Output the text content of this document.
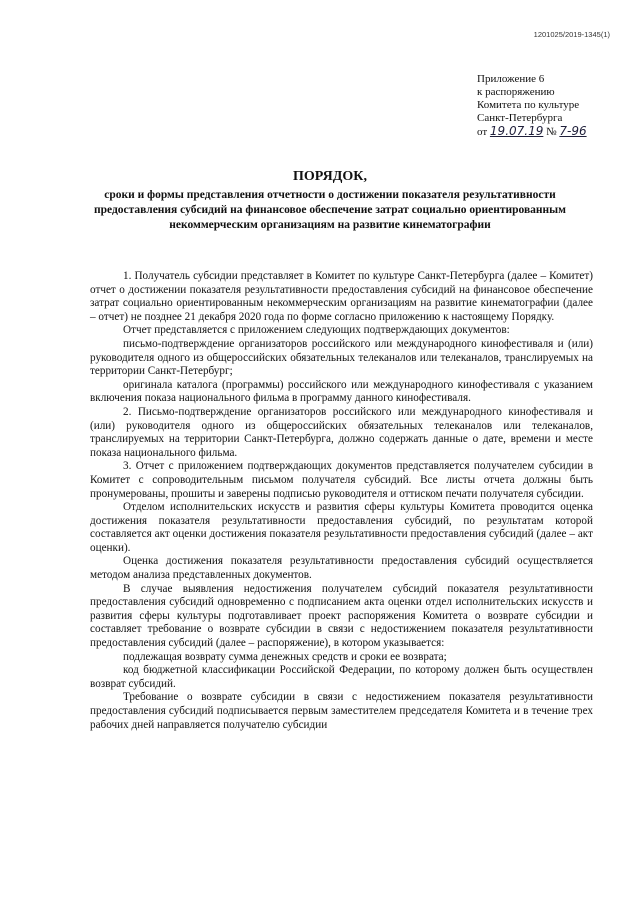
1201025/2019-1345(1)
Приложение 6
к распоряжению
Комитета по культуре
Санкт-Петербурга
от 19.07.19 № 7-96
ПОРЯДОК,
сроки и формы представления отчетности о достижении показателя результативности предоставления субсидий на финансовое обеспечение затрат социально ориентированным некоммерческим организациям на развитие кинематографии

1. Получатель субсидии представляет в Комитет по культуре Санкт-Петербурга (далее – Комитет) отчет о достижении показателя результативности предоставления субсидий на финансовое обеспечение затрат социально ориентированным некоммерческим организациям на развитие кинематографии (далее – отчет) не позднее 21 декабря 2020 года по форме согласно приложению к настоящему Порядку.

Отчет представляется с приложением следующих подтверждающих документов:

письмо-подтверждение организаторов российского или международного кинофестиваля и (или) руководителя одного из общероссийских обязательных телеканалов или телеканалов, транслируемых на территории Санкт-Петербург;

оригинала каталога (программы) российского или международного кинофестиваля с указанием включения показа национального фильма в программу данного кинофестиваля.

2. Письмо-подтверждение организаторов российского или международного кинофестиваля и (или) руководителя одного из общероссийских обязательных телеканалов или телеканалов, транслируемых на территории Санкт-Петербурга, должно содержать данные о дате, времени и месте показа национального фильма.

3. Отчет с приложением подтверждающих документов представляется получателем субсидии в Комитет с сопроводительным письмом получателя субсидий. Все листы отчета должны быть пронумерованы, прошиты и заверены подписью руководителя и оттиском печати получателя субсидии.

Отделом исполнительских искусств и развития сферы культуры Комитета проводится оценка достижения показателя результативности предоставления субсидий, по результатам которой составляется акт оценки достижения показателя результативности предоставления субсидий (далее – акт оценки).

Оценка достижения показателя результативности предоставления субсидий осуществляется методом анализа представленных документов.

В случае выявления недостижения получателем субсидий показателя результативности предоставления субсидий одновременно с подписанием акта оценки отдел исполнительских искусств и развития сферы культуры подготавливает проект распоряжения Комитета о возврате субсидии и составляет требование о возврате субсидии в связи с недостижением показателя результативности предоставления субсидий (далее – распоряжение), в котором указывается:

подлежащая возврату сумма денежных средств и сроки ее возврата;

код бюджетной классификации Российской Федерации, по которому должен быть осуществлен возврат субсидий.

Требование о возврате субсидии в связи с недостижением показателя результативности предоставления субсидий подписывается первым заместителем председателя Комитета и в течение трех рабочих дней направляется получателю субсидии
